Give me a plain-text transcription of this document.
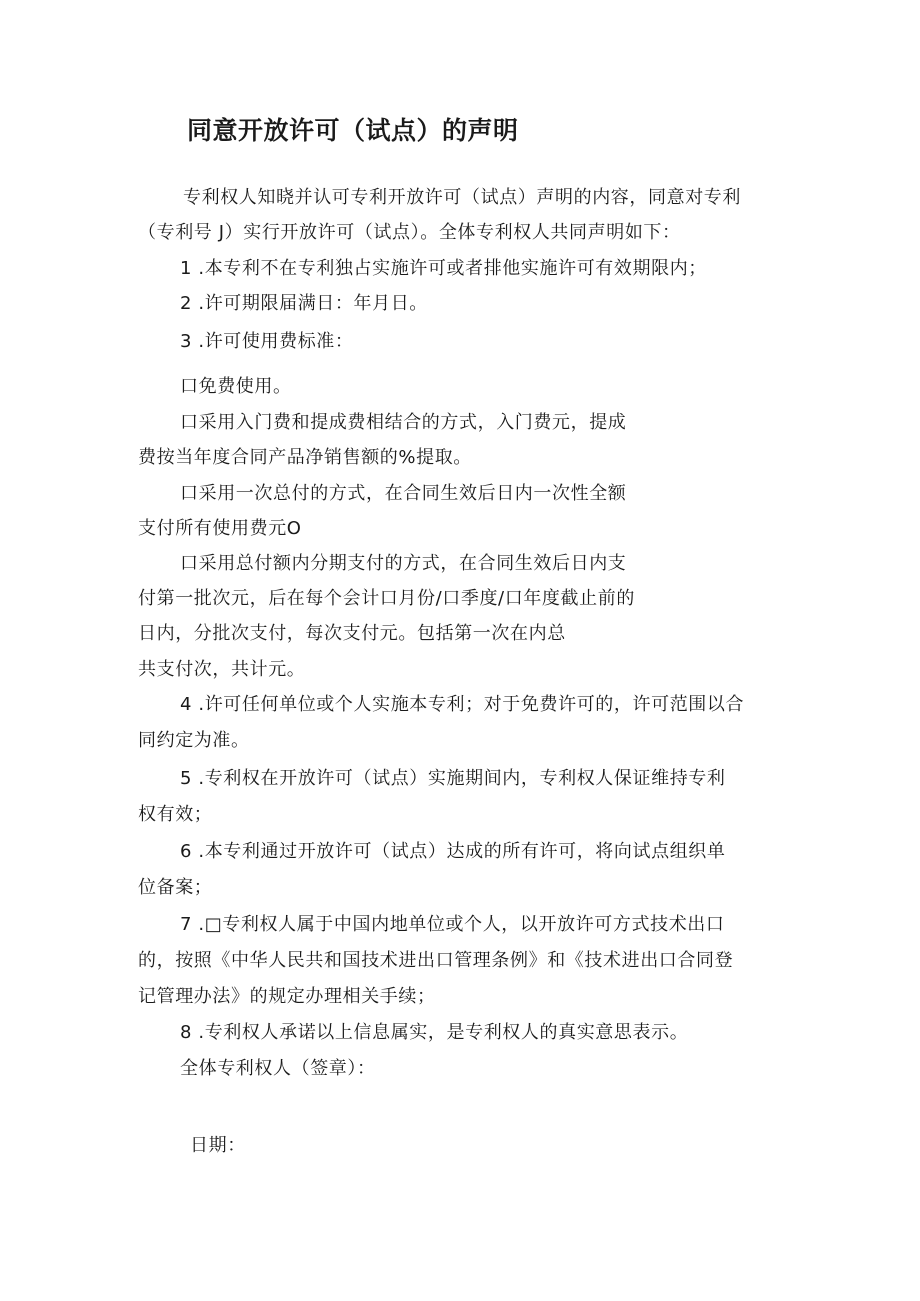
同意开放许可（试点）的声明
专利权人知晓并认可专利开放许可（试点）声明的内容，同意对专利
（专利号 J）实行开放许可（试点）。全体专利权人共同声明如下：
1 .本专利不在专利独占实施许可或者排他实施许可有效期限内；
2 .许可期限届满日：年月日。
3 .许可使用费标准：
口免费使用。
口采用入门费和提成费相结合的方式，入门费元，提成
费按当年度合同产品净销售额的%提取。
口采用一次总付的方式，在合同生效后日内一次性全额
支付所有使用费元O
口采用总付额内分期支付的方式，在合同生效后日内支
付第一批次元，后在每个会计口月份/口季度/口年度截止前的
日内，分批次支付，每次支付元。包括第一次在内总
共支付次，共计元。
4 .许可任何单位或个人实施本专利；对于免费许可的，许可范围以合
同约定为准。
5 .专利权在开放许可（试点）实施期间内，专利权人保证维持专利
权有效；
6 .本专利通过开放许可（试点）达成的所有许可，将向试点组织单
位备案；
7 .□专利权人属于中国内地单位或个人，以开放许可方式技术出口
的，按照《中华人民共和国技术进出口管理条例》和《技术进出口合同登
记管理办法》的规定办理相关手续；
8 .专利权人承诺以上信息属实，是专利权人的真实意思表示。
全体专利权人（签章）：
日期：
